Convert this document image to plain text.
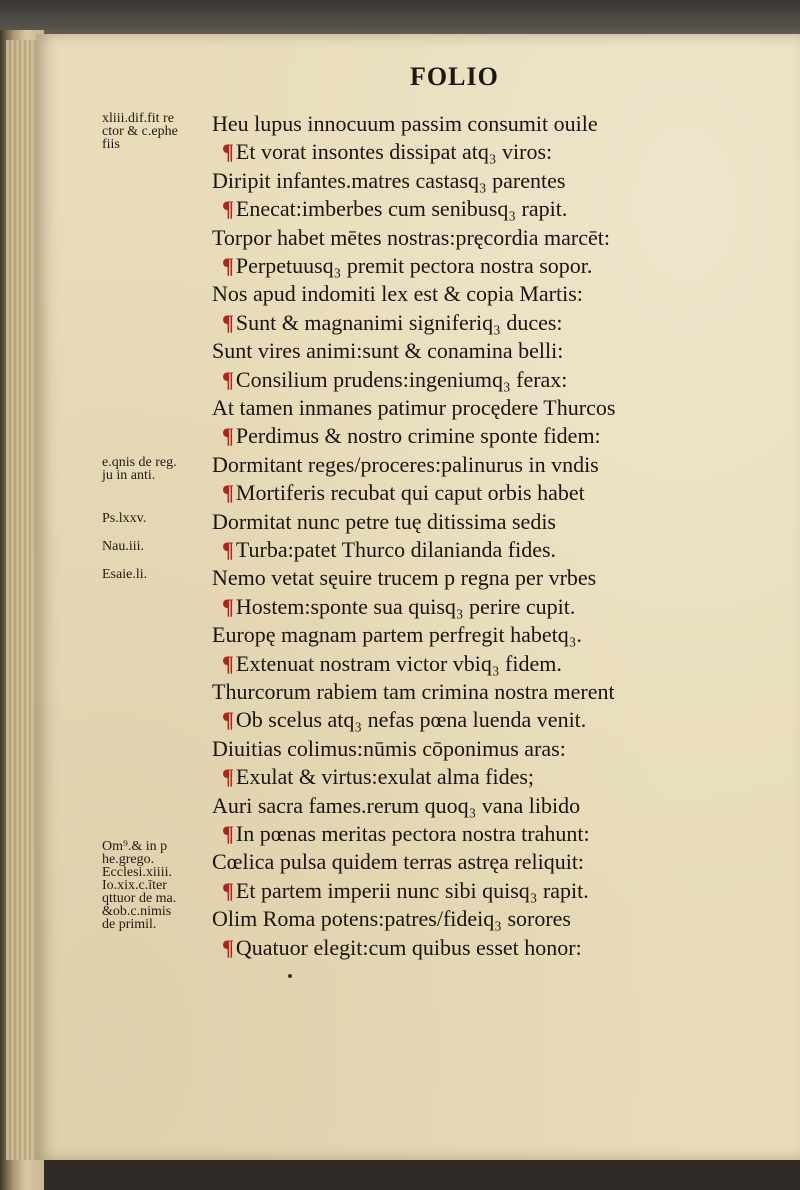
FOLIO
xliii.dif.fit re
ctor & c.ephe
fiis
e.qnis de reg.
ju in anti.
Ps.lxxv.
Nau.iii.
Esaie.li.
Om⁹.& in p
he.grego.
Ecclesi.xiiii.
Io.xix.c.īter
qttuor de ma.
&ob.c.nimis
de primil.
Heu lupus innocuum passim consumit ouile
¶Et vorat insontes dissipat atq₃ viros:
Diripit infantes.matres castasq₃ parentes
¶Enecat:imberbes cum senibusq₃ rapit.
Torpor habet mētes nostras:pręcordia marcēt:
¶Perpetuusq₃ premit pectora nostra sopor.
Nos apud indomiti lex est & copia Martis:
¶Sunt & magnanimi signiferiq₃ duces:
Sunt vires animi:sunt & conamina belli:
¶Consilium prudens:ingeniumq₃ ferax:
At tamen inmanes patimur procędere Thurcos
¶Perdimus & nostro crimine sponte fidem:
Dormitant reges/proceres:palinurus in vndis
¶Mortiferis recubat qui caput orbis habet
Dormitat nunc petre tuę ditissima sedis
¶Turba:patet Thurco dilanianda fides.
Nemo vetat sęuire trucem p regna per vrbes
¶Hostem:sponte sua quisq₃ perire cupit.
Europę magnam partem perfregit habetq₃.
¶Extenuat nostram victor vbiq₃ fidem.
Thurcorum rabiem tam crimina nostra merent
¶Ob scelus atq₃ nefas pœna luenda venit.
Diuitias colimus:nūmis cōponimus aras:
¶Exulat & virtus:exulat alma fides;
Auri sacra fames.rerum quoq₃ vana libido
¶In pœnas meritas pectora nostra trahunt:
Cœlica pulsa quidem terras astręa reliquit:
¶Et partem imperii nunc sibi quisq₃ rapit.
Olim Roma potens:patres/fideiq₃ sorores
¶Quatuor elegit:cum quibus esset honor:
